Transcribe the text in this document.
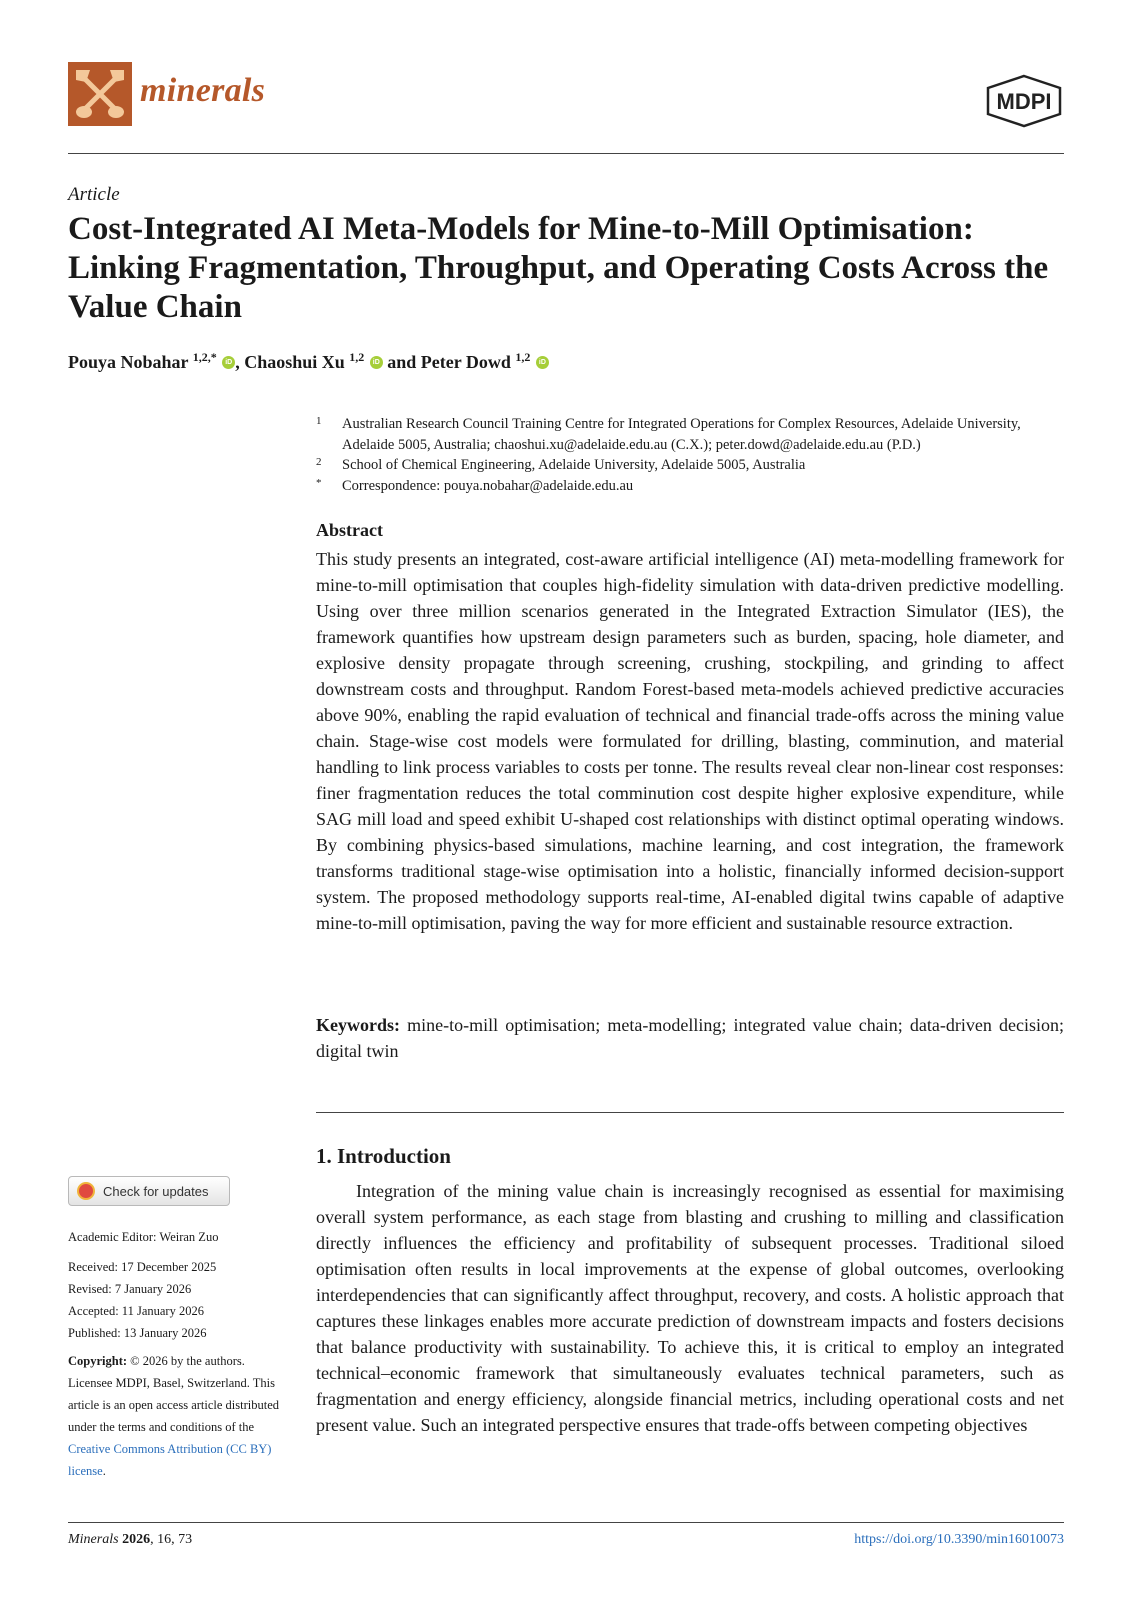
minerals	MDPI
Article
Cost-Integrated AI Meta-Models for Mine-to-Mill Optimisation: Linking Fragmentation, Throughput, and Operating Costs Across the Value Chain
Pouya Nobahar $^{1,2,*}$ iD , Chaoshui Xu $^{1,2}$ iD and Peter Dowd $^{1,2}$ iD
1 Australian Research Council Training Centre for Integrated Operations for Complex Resources, Adelaide University, Adelaide 5005, Australia; chaoshui.xu@adelaide.edu.au (C.X.); peter.dowd@adelaide.edu.au (P.D.)
2 School of Chemical Engineering, Adelaide University, Adelaide 5005, Australia
* Correspondence: pouya.nobahar@adelaide.edu.au
Abstract

This study presents an integrated, cost-aware artificial intelligence (AI) meta-modelling framework for mine-to-mill optimisation that couples high-fidelity simulation with data-driven predictive modelling. Using over three million scenarios generated in the Integrated Extraction Simulator (IES), the framework quantifies how upstream design parameters such as burden, spacing, hole diameter, and explosive density propagate through screening, crushing, stockpiling, and grinding to affect downstream costs and throughput. Random Forest-based meta-models achieved predictive accuracies above 90%, enabling the rapid evaluation of technical and financial trade-offs across the mining value chain. Stage-wise cost models were formulated for drilling, blasting, comminution, and material handling to link process variables to costs per tonne. The results reveal clear non-linear cost responses: finer fragmentation reduces the total comminution cost despite higher explosive expenditure, while SAG mill load and speed exhibit U-shaped cost relationships with distinct optimal operating windows. By combining physics-based simulations, machine learning, and cost integration, the framework transforms traditional stage-wise optimisation into a holistic, financially informed decision-support system. The proposed methodology supports real-time, AI-enabled digital twins capable of adaptive mine-to-mill optimisation, paving the way for more efficient and sustainable resource extraction.

Keywords: mine-to-mill optimisation; meta-modelling; integrated value chain; data-driven decision; digital twin

1. Introduction

Integration of the mining value chain is increasingly recognised as essential for maximising overall system performance, as each stage from blasting and crushing to milling and classification directly influences the efficiency and profitability of subsequent processes. Traditional siloed optimisation often results in local improvements at the expense of global outcomes, overlooking interdependencies that can significantly affect throughput, recovery, and costs. A holistic approach that captures these linkages enables more accurate prediction of downstream impacts and fosters decisions that balance productivity with sustainability. To achieve this, it is critical to employ an integrated technical–economic framework that simultaneously evaluates technical parameters, such as fragmentation and energy efficiency, alongside financial metrics, including operational costs and net present value. Such an integrated perspective ensures that trade-offs between competing objectives

Check for updates
Academic Editor: Weiran Zuo
Received: 17 December 2025
Revised: 7 January 2026
Accepted: 11 January 2026
Published: 13 January 2026
Copyright: © 2026 by the authors. Licensee MDPI, Basel, Switzerland. This article is an open access article distributed under the terms and conditions of the Creative Commons Attribution (CC BY) license.
Minerals 2026, 16, 73	https://doi.org/10.3390/min16010073
